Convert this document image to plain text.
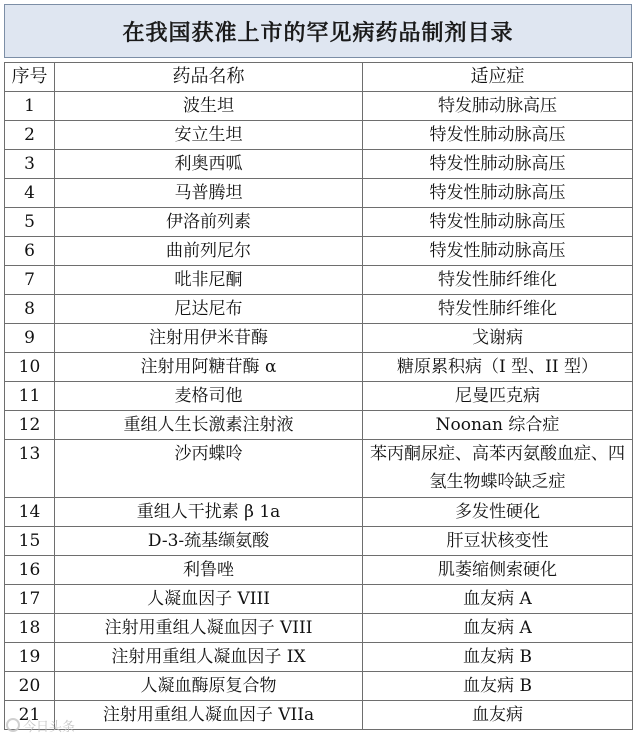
在我国获准上市的罕见病药品制剂目录
序号	药品名称	适应症
1	波生坦	特发肺动脉高压
2	安立生坦	特发性肺动脉高压
3	利奥西呱	特发性肺动脉高压
4	马普腾坦	特发性肺动脉高压
5	伊洛前列素	特发性肺动脉高压
6	曲前列尼尔	特发性肺动脉高压
7	吡非尼酮	特发性肺纤维化
8	尼达尼布	特发性肺纤维化
9	注射用伊米苷酶	戈谢病
10	注射用阿糖苷酶 α	糖原累积病（I 型、II 型）
11	麦格司他	尼曼匹克病
12	重组人生长激素注射液	Noonan 综合症
13	沙丙蝶呤	苯丙酮尿症、高苯丙氨酸血症、四氢生物蝶呤缺乏症
14	重组人干扰素 β 1a	多发性硬化
15	D-3-巯基缬氨酸	肝豆状核变性
16	利鲁唑	肌萎缩侧索硬化
17	人凝血因子 VIII	血友病 A
18	注射用重组人凝血因子 VIII	血友病 A
19	注射用重组人凝血因子 IX	血友病 B
20	人凝血酶原复合物	血友病 B
21	注射用重组人凝血因子 VIIa	血友病
今日头条
